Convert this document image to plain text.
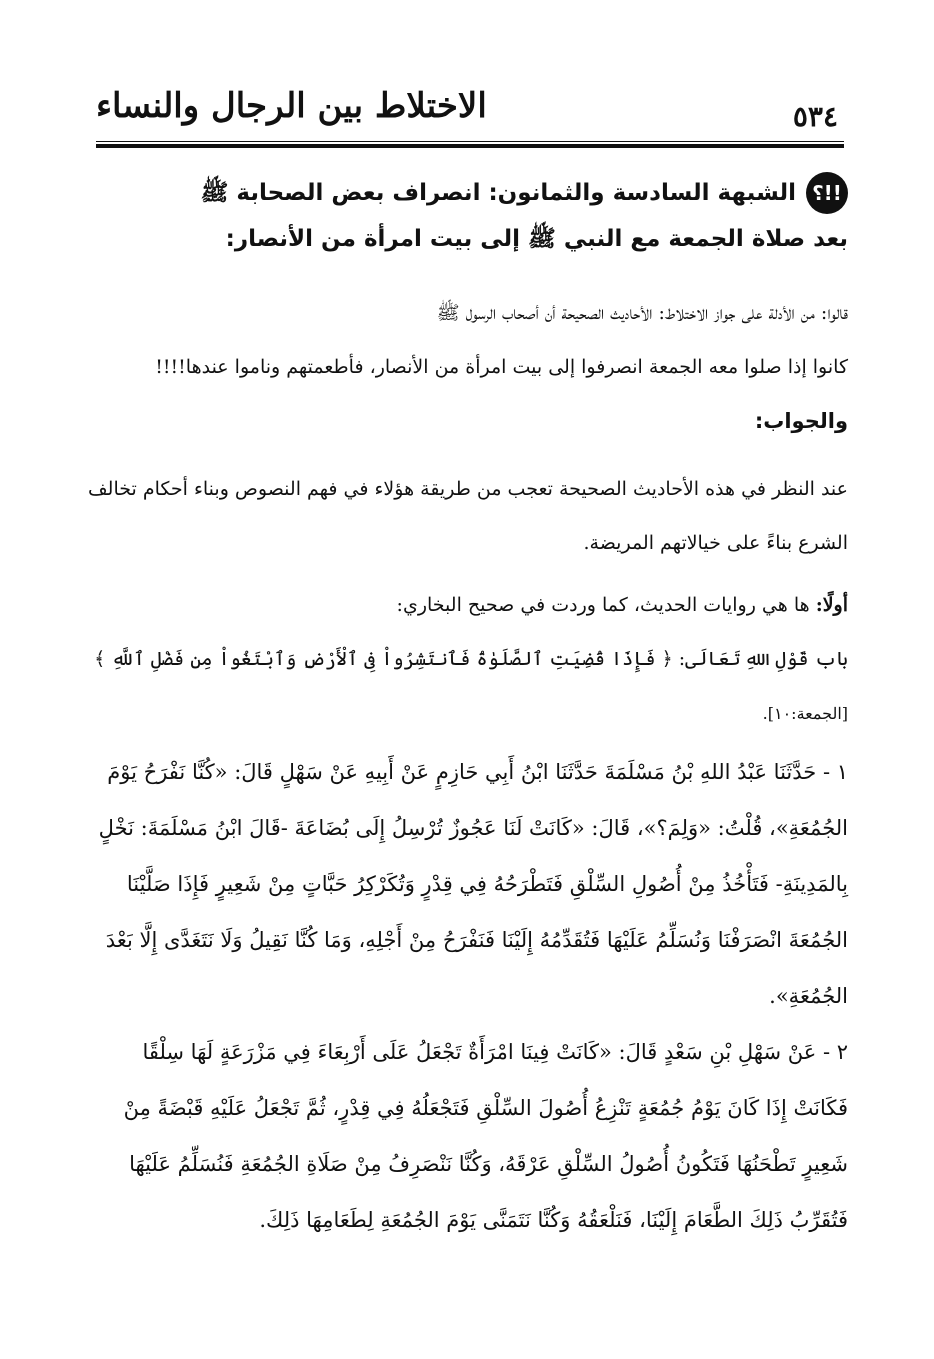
الاختلاط بين الرجال والنساء	٥٣٤
!!؟
الشبهة السادسة والثمانون: انصراف بعض الصحابة ﷺ
بعد صلاة الجمعة مع النبي ﷺ إلى بيت امرأة من الأنصار:

قالوا: من الأدلة على جواز الاختلاط: الأحاديث الصحيحة أن أصحاب الرسول ﷺ

كانوا إذا صلوا معه الجمعة انصرفوا إلى بيت امرأة من الأنصار، فأطعمتهم وناموا عندها!!!!

والجواب:

عند النظر في هذه الأحاديث الصحيحة تعجب من طريقة هؤلاء في فهم النصوص وبناء أحكام تخالف الشرع بناءً على خيالاتهم المريضة.

أولًا: ها هي روايات الحديث، كما وردت في صحيح البخاري:

باب قَوْلِ اللهِ تَعَالَى: ﴿ فَإِذَا قُضِيَتِ ٱلصَّلَوٰةُ فَٱنتَشِرُواْ فِى ٱلْأَرْضِ وَٱبْتَغُواْ مِن فَضْلِ ٱللَّهِ ﴾ [الجمعة:١٠].

١ - حَدَّثَنَا عَبْدُ اللهِ بْنُ مَسْلَمَةَ حَدَّثَنَا ابْنُ أَبِي حَازِمٍ عَنْ أَبِيهِ عَنْ سَهْلٍ قَالَ: «كُنَّا نَفْرَحُ يَوْمَ الجُمُعَةِ»، قُلْتُ: «وَلِمَ؟»، قَالَ: «كَانَتْ لَنَا عَجُوزٌ تُرْسِلُ إِلَى بُضَاعَةَ -قَالَ ابْنُ مَسْلَمَةَ: نَخْلٍ بِالمَدِينَةِ- فَتَأْخُذُ مِنْ أُصُولِ السِّلْقِ فَتَطْرَحُهُ فِي قِدْرٍ وَتُكَرْكِرُ حَبَّاتٍ مِنْ شَعِيرٍ فَإِذَا صَلَّيْنَا الجُمُعَةَ انْصَرَفْنَا وَنُسَلِّمُ عَلَيْهَا فَتُقَدِّمُهُ إِلَيْنَا فَنَفْرَحُ مِنْ أَجْلِهِ، وَمَا كُنَّا نَقِيلُ وَلَا نَتَغَدَّى إِلَّا بَعْدَ الجُمُعَةِ».

٢ - عَنْ سَهْلِ بْنِ سَعْدٍ قَالَ: «كَانَتْ فِينَا امْرَأَةٌ تَجْعَلُ عَلَى أَرْبِعَاءَ فِي مَزْرَعَةٍ لَهَا سِلْقًا فَكَانَتْ إِذَا كَانَ يَوْمُ جُمُعَةٍ تَنْزِعُ أُصُولَ السِّلْقِ فَتَجْعَلُهُ فِي قِدْرٍ، ثُمَّ تَجْعَلُ عَلَيْهِ قَبْضَةً مِنْ شَعِيرٍ تَطْحَنُهَا فَتَكُونُ أُصُولُ السِّلْقِ عَرْقَهُ، وَكُنَّا نَنْصَرِفُ مِنْ صَلَاةِ الجُمُعَةِ فَنُسَلِّمُ عَلَيْهَا فَتُقَرِّبُ ذَلِكَ الطَّعَامَ إِلَيْنَا، فَنَلْعَقُهُ وَكُنَّا نَتَمَنَّى يَوْمَ الجُمُعَةِ لِطَعَامِهَا ذَلِكَ.
